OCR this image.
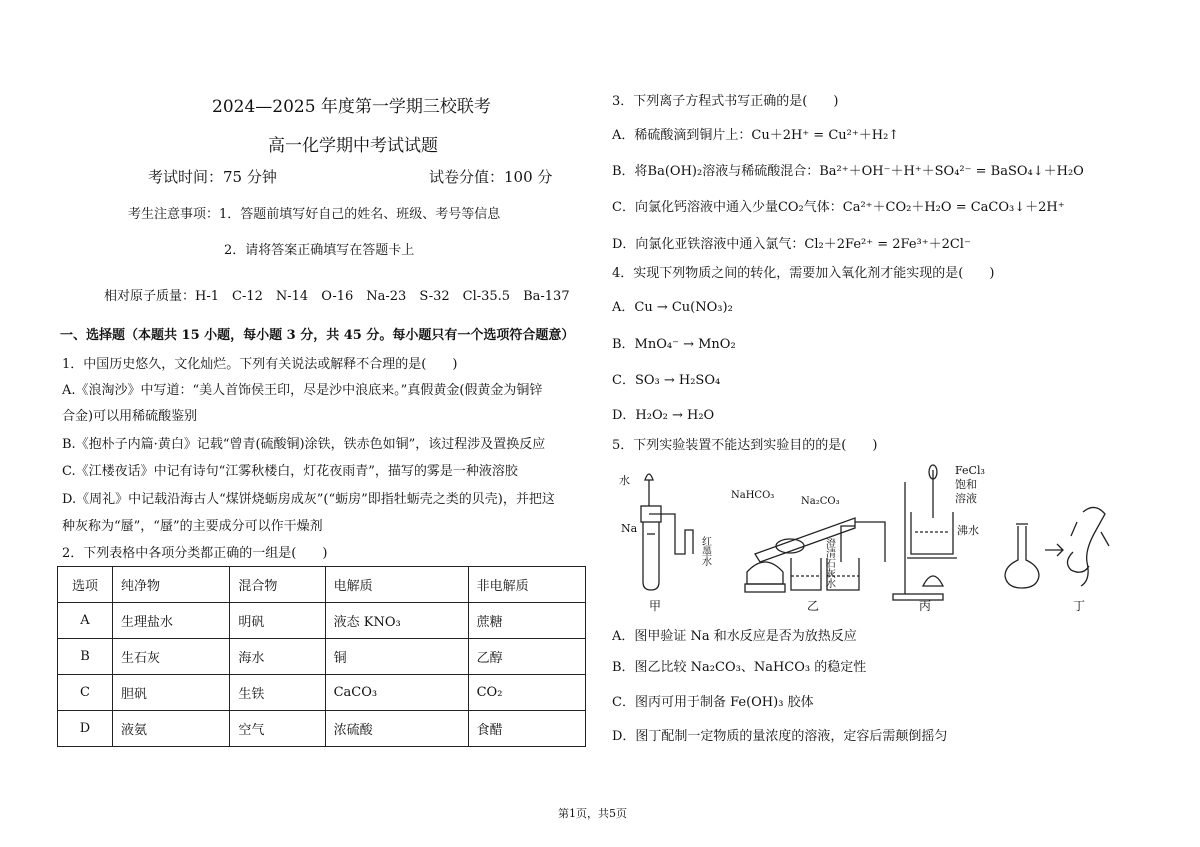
2024—2025 年度第一学期三校联考
高一化学期中考试试题
考试时间：75 分钟	试卷分值：100 分
考生注意事项：1．答题前填写好自己的姓名、班级、考号等信息
2．请将答案正确填写在答题卡上
相对原子质量：H-1　C-12　N-14　O-16　Na-23　S-32　Cl-35.5　Ba-137
一、选择题（本题共 15 小题，每小题 3 分，共 45 分。每小题只有一个选项符合题意）
1．中国历史悠久，文化灿烂。下列有关说法或解释不合理的是(　　)
A.《浪淘沙》中写道：“美人首饰侯王印，尽是沙中浪底来。”真假黄金(假黄金为铜锌
合金)可以用稀硫酸鉴别
B.《抱朴子内篇·黄白》记载“曾青(硫酸铜)涂铁，铁赤色如铜”，该过程涉及置换反应
C.《江楼夜话》中记有诗句“江雾秋楼白，灯花夜雨青”，描写的雾是一种液溶胶
D.《周礼》中记载沿海古人“煤饼烧蛎房成灰”(“蛎房”即指牡蛎壳之类的贝壳)，并把这
种灰称为“蜃”，“蜃”的主要成分可以作干燥剂
2．下列表格中各项分类都正确的一组是(　　)
选项	纯净物	混合物	电解质	非电解质
A	生理盐水	明矾	液态 KNO₃	蔗糖
B	生石灰	海水	铜	乙醇
C	胆矾	生铁	CaCO₃	CO₂
D	液氨	空气	浓硫酸	食醋
3．下列离子方程式书写正确的是(　　)
A．稀硫酸滴到铜片上：Cu＋2H⁺ = Cu²⁺＋H₂↑
B．将Ba(OH)₂溶液与稀硫酸混合：Ba²⁺＋OH⁻＋H⁺＋SO₄²⁻ = BaSO₄↓＋H₂O
C．向氯化钙溶液中通入少量CO₂气体：Ca²⁺＋CO₂＋H₂O = CaCO₃↓＋2H⁺
D．向氯化亚铁溶液中通入氯气：Cl₂＋2Fe²⁺ = 2Fe³⁺＋2Cl⁻
4．实现下列物质之间的转化，需要加入氧化剂才能实现的是(　　)
A．Cu → Cu(NO₃)₂
B．MnO₄⁻ → MnO₂
C．SO₃ → H₂SO₄
D．H₂O₂ → H₂O
5．下列实验装置不能达到实验目的的是(　　)
水
Na
红墨水
甲
NaHCO₃
Na₂CO₃
澄清石灰水
乙
FeCl₃
饱和
溶液
沸水
丙	丁
A．图甲验证 Na 和水反应是否为放热反应
B．图乙比较 Na₂CO₃、NaHCO₃ 的稳定性
C．图丙可用于制备 Fe(OH)₃ 胶体
D．图丁配制一定物质的量浓度的溶液，定容后需颠倒摇匀
第1页，共5页
